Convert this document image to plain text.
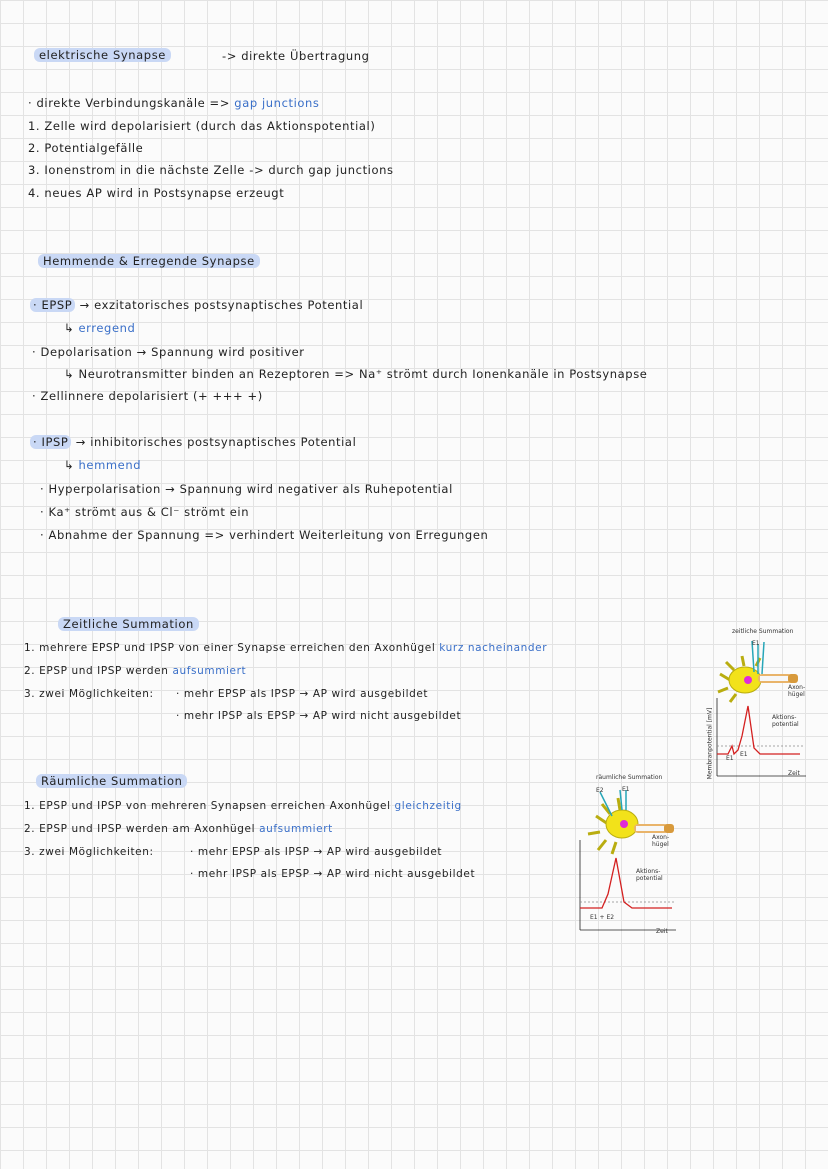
elektrische Synapse	-> direkte Übertragung
· direkte Verbindungskanäle => gap junctions
1. Zelle wird depolarisiert (durch das Aktionspotential)
2. Potentialgefälle
3. Ionenstrom in die nächste Zelle -> durch gap junctions
4. neues AP wird in Postsynapse erzeugt
Hemmende & Erregende Synapse
· EPSP → exzitatorisches postsynaptisches Potential
↳ erregend
· Depolarisation → Spannung wird positiver
↳ Neurotransmitter binden an Rezeptoren => Na⁺ strömt durch Ionenkanäle in Postsynapse
· Zellinnere depolarisiert (+ +++ +)
· IPSP → inhibitorisches postsynaptisches Potential
↳ hemmend
· Hyperpolarisation → Spannung wird negativer als Ruhepotential
· Ka⁺ strömt aus & Cl⁻ strömt ein
· Abnahme der Spannung => verhindert Weiterleitung von Erregungen
Zeitliche Summation
1. mehrere EPSP und IPSP von einer Synapse erreichen den Axonhügel kurz nacheinander
2. EPSP und IPSP werden aufsummiert
3. zwei Möglichkeiten: · mehr EPSP als IPSP → AP wird ausgebildet
· mehr IPSP als EPSP → AP wird nicht ausgebildet
Räumliche Summation
1. EPSP und IPSP von mehreren Synapsen erreichen Axonhügel gleichzeitig
2. EPSP und IPSP werden am Axonhügel aufsummiert
3. zwei Möglichkeiten:	· mehr EPSP als IPSP → AP wird ausgebildet
· mehr IPSP als EPSP → AP wird nicht ausgebildet
zeitliche Summation
E1
Axon-
hügel
Aktions-
potential
Membranpotential [mV]	Zeit
E1
E1
räumliche Summation
E2	E1
Axon-
hügel
Aktions-
potential
E1 + E2
Zeit
